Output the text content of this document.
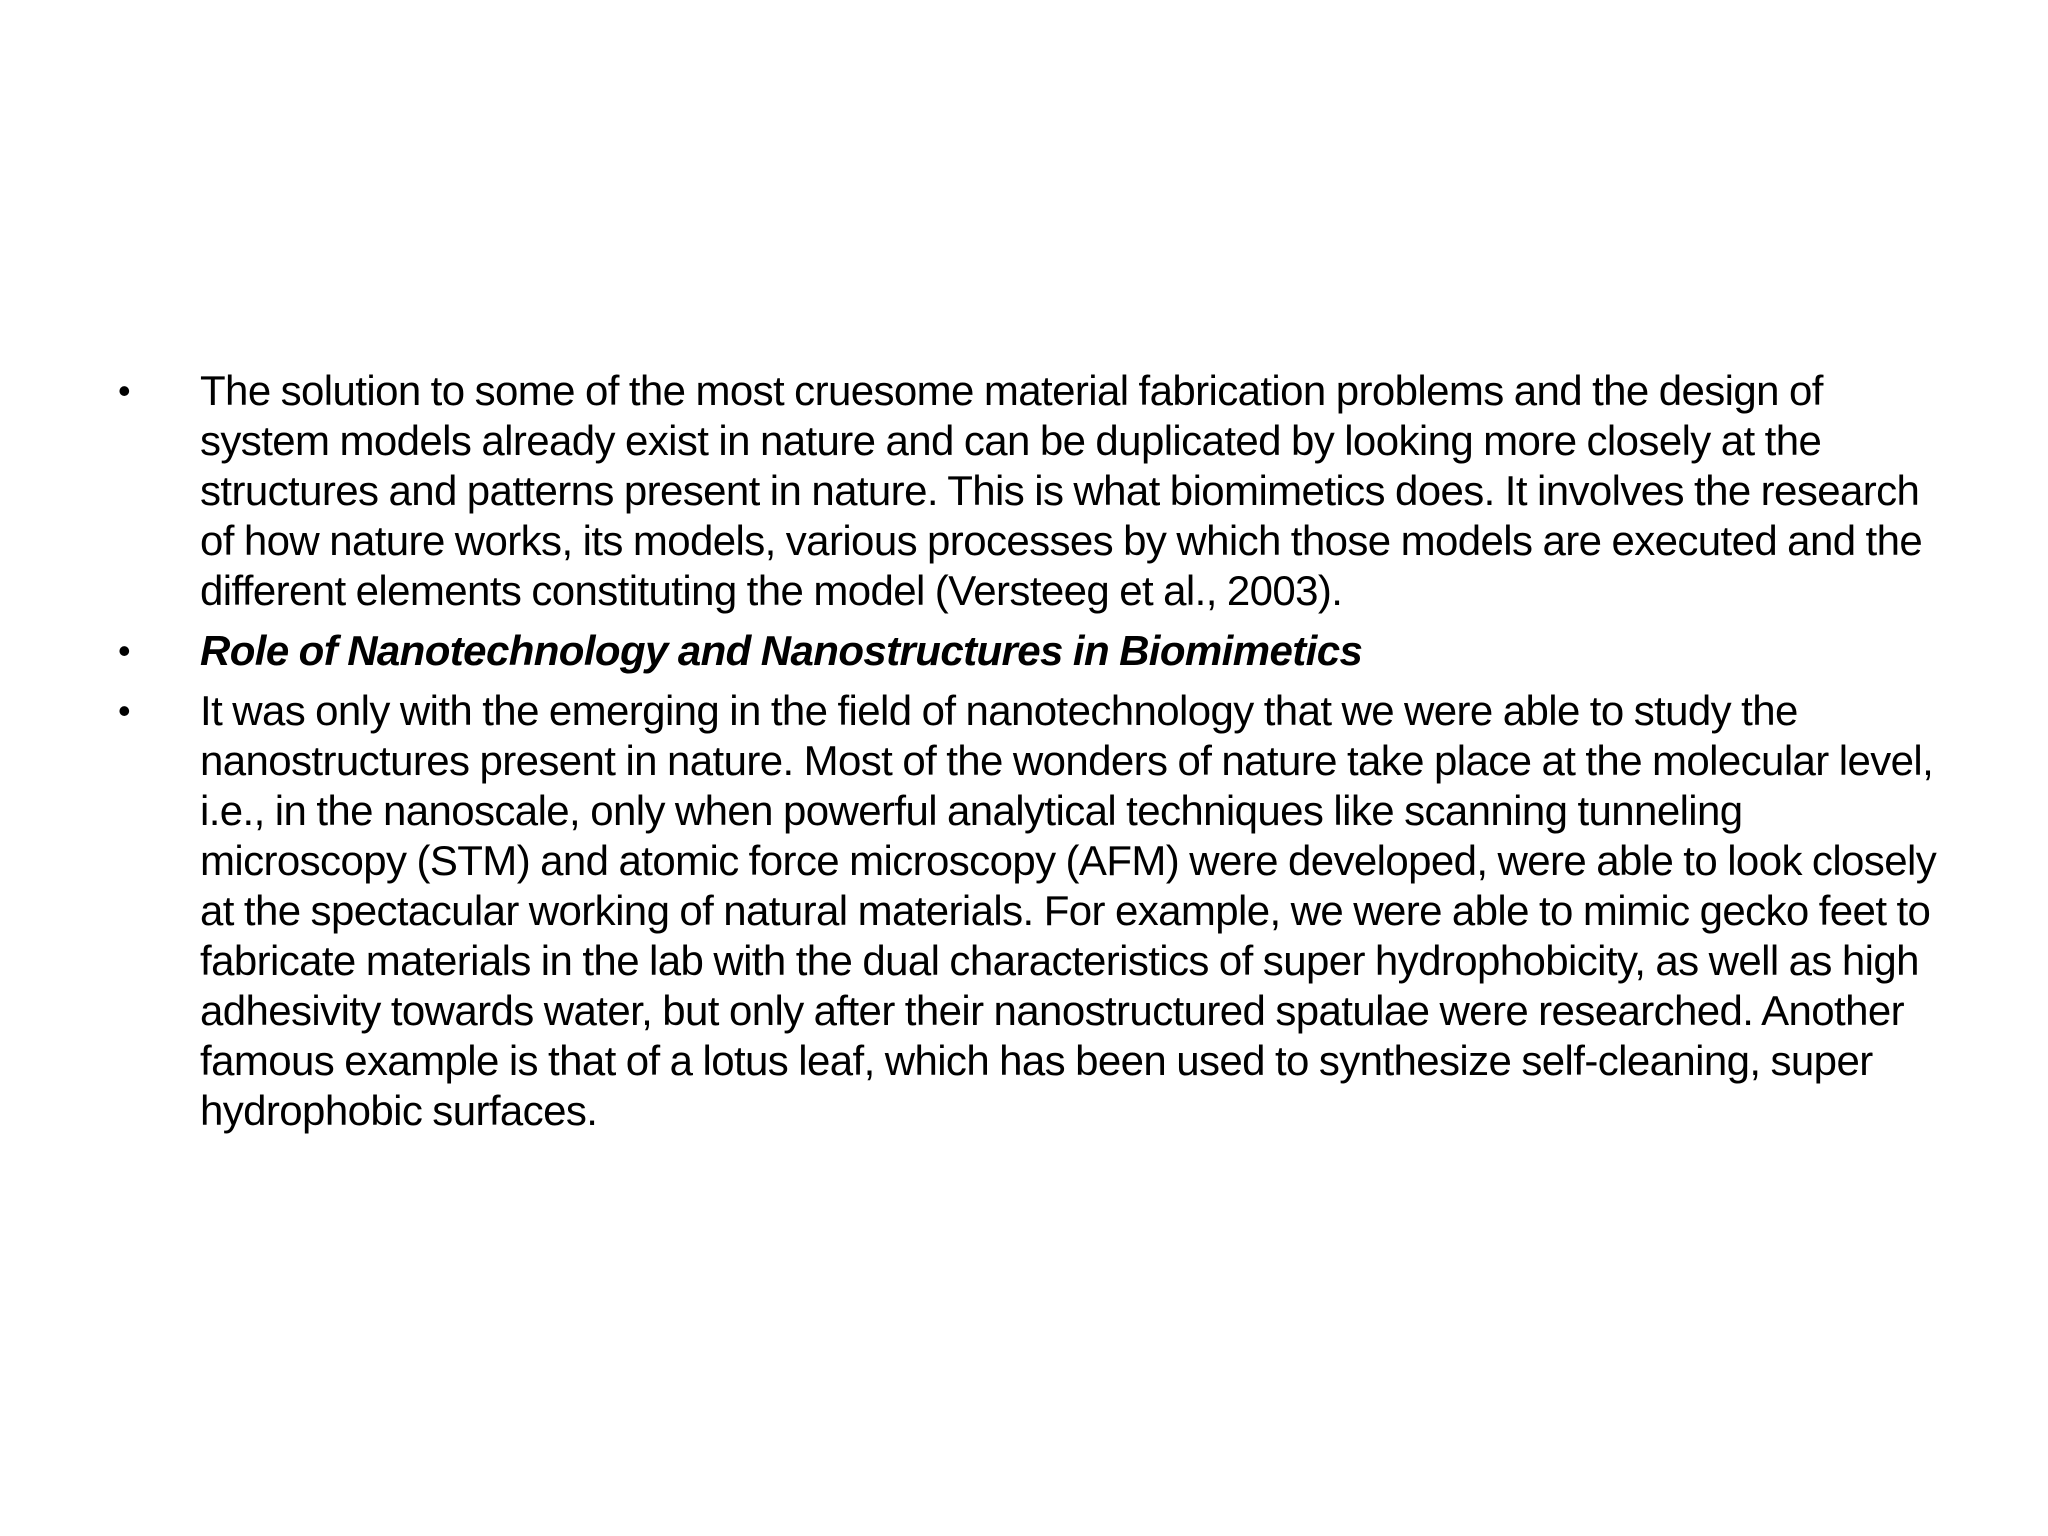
•	The solution to some of the most cruesome material fabrication problems and the design of system models already exist in nature and can be duplicated by looking more closely at the structures and patterns present in nature. This is what biomimetics does. It involves the research of how nature works, its models, various processes by which those models are executed and the different elements constituting the model (Versteeg et al., 2003).
•	Role of Nanotechnology and Nanostructures in Biomimetics
•	It was only with the emerging in the field of nanotechnology that we were able to study the nanostructures present in nature. Most of the wonders of nature take place at the molecular level, i.e., in the nanoscale, only when powerful analytical techniques like scanning tunneling microscopy (STM) and atomic force microscopy (AFM) were developed, were able to look closely at the spectacular working of natural materials. For example, we were able to mimic gecko feet to fabricate materials in the lab with the dual characteristics of super hydrophobicity, as well as high adhesivity towards water, but only after their nanostructured spatulae were researched. Another famous example is that of a lotus leaf, which has been used to synthesize self-cleaning, super hydrophobic surfaces.
